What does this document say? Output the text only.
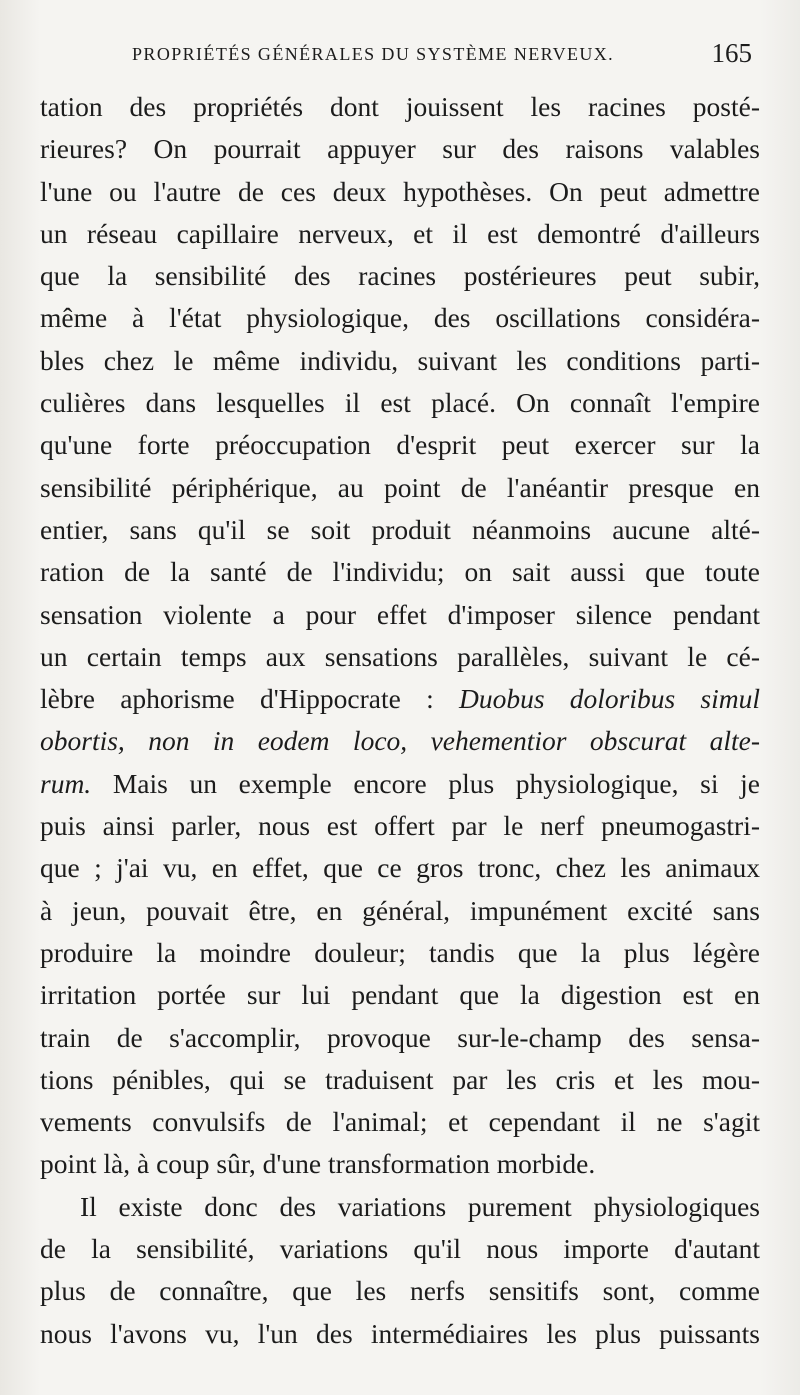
PROPRIÉTÉS GÉNÉRALES DU SYSTÈME NERVEUX.	165
tation des propriétés dont jouissent les racines posté-
rieures? On pourrait appuyer sur des raisons valables
l'une ou l'autre de ces deux hypothèses. On peut admettre
un réseau capillaire nerveux, et il est demontré d'ailleurs
que la sensibilité des racines postérieures peut subir,
même à l'état physiologique, des oscillations considéra-
bles chez le même individu, suivant les conditions parti-
culières dans lesquelles il est placé. On connaît l'empire
qu'une forte préoccupation d'esprit peut exercer sur la
sensibilité périphérique, au point de l'anéantir presque en
entier, sans qu'il se soit produit néanmoins aucune alté-
ration de la santé de l'individu; on sait aussi que toute
sensation violente a pour effet d'imposer silence pendant
un certain temps aux sensations parallèles, suivant le cé-
lèbre aphorisme d'Hippocrate : Duobus doloribus simul
obortis, non in eodem loco, vehementior obscurat alte-
rum. Mais un exemple encore plus physiologique, si je
puis ainsi parler, nous est offert par le nerf pneumogastri-
que ; j'ai vu, en effet, que ce gros tronc, chez les animaux
à jeun, pouvait être, en général, impunément excité sans
produire la moindre douleur; tandis que la plus légère
irritation portée sur lui pendant que la digestion est en
train de s'accomplir, provoque sur-le-champ des sensa-
tions pénibles, qui se traduisent par les cris et les mou-
vements convulsifs de l'animal; et cependant il ne s'agit
point là, à coup sûr, d'une transformation morbide.
Il existe donc des variations purement physiologiques
de la sensibilité, variations qu'il nous importe d'autant
plus de connaître, que les nerfs sensitifs sont, comme
nous l'avons vu, l'un des intermédiaires les plus puissants
